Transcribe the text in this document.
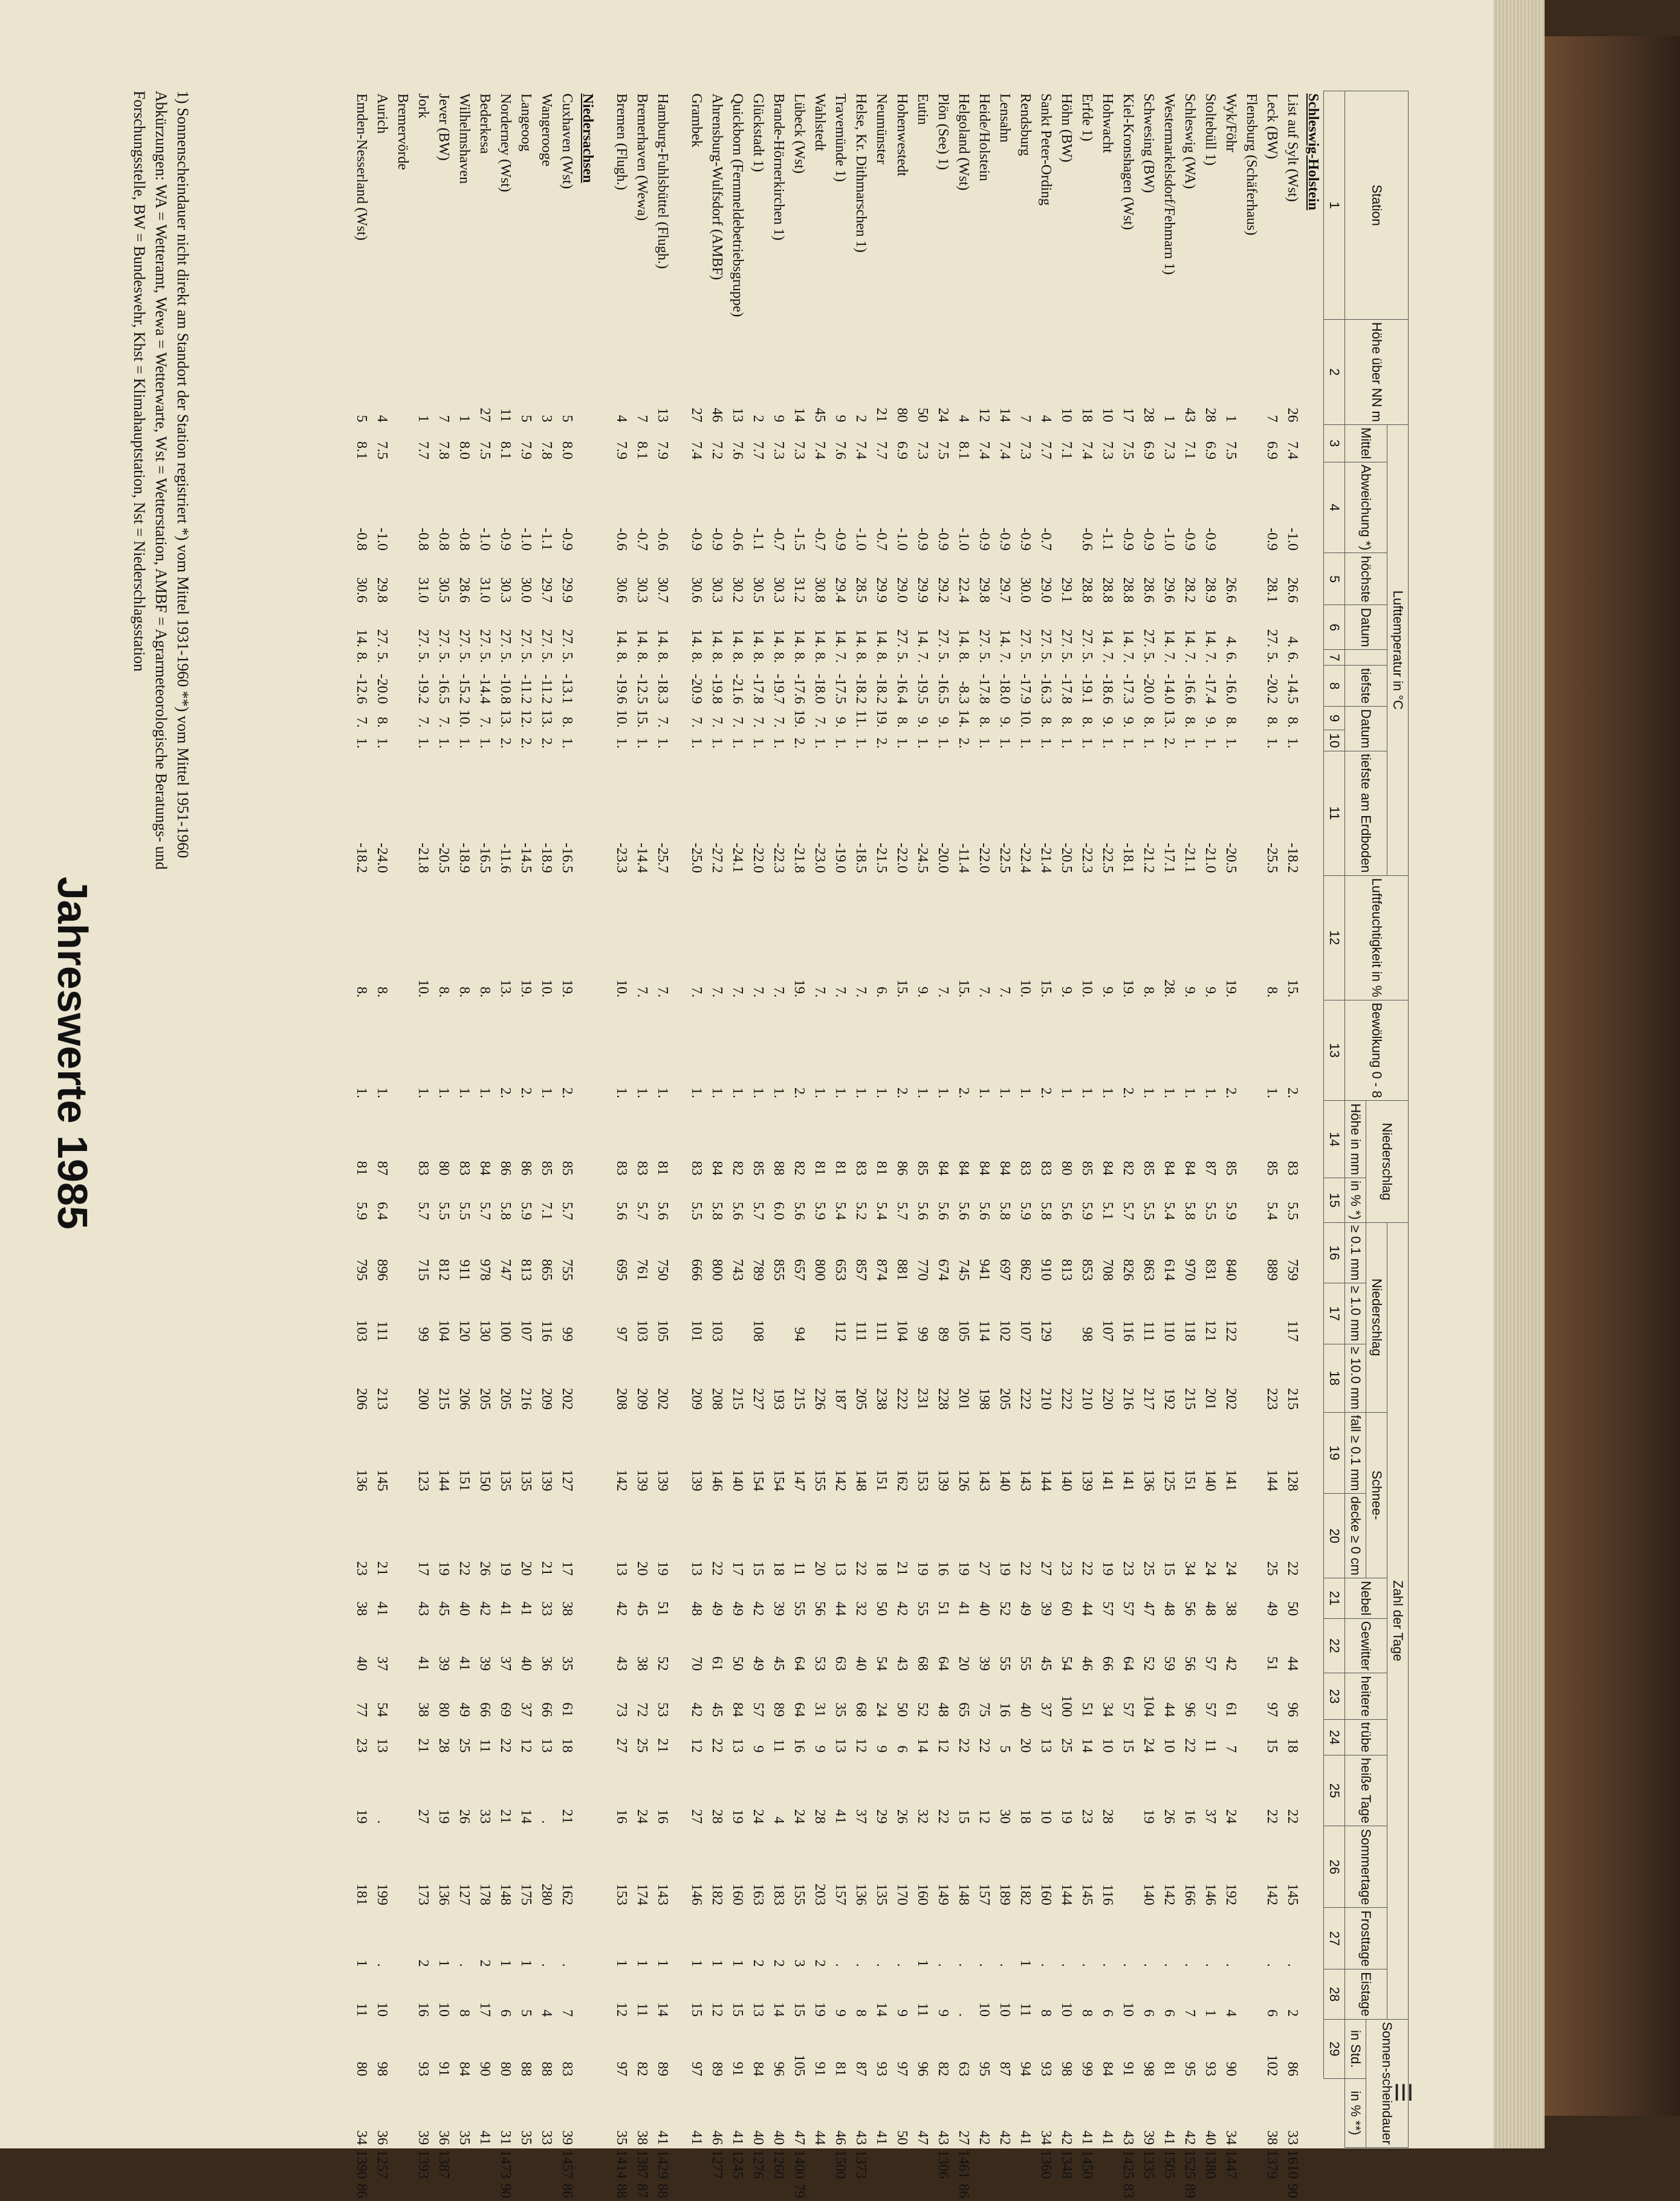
Jahreswerte 1985
Station	Höhe über NN m	Lufttemperatur in °C									Luftfeuchtigkeit in %	Bewölkung 0 - 8	Niederschlag		Zahl der Tage													Sonnen-scheindauer			
		Mittel	Abweichung *)	höchste	Datum		tiefste	Datum		tiefste am Erdboden					Niederschlag			Schnee-		Nebel	Gewitter	heitere	trübe	heiße Tage	Sommertage	Frosttage	Eistage				
													Höhe in mm	in % *)	≥ 0.1 mm	≥ 1.0 mm	≥ 10.0 mm	fall ≥ 0.1 mm	decke ≥ 0 cm									in Std.	in % **)		
1	2	3	4	5	6	7	8	9	10	11	12	13	14	15	16	17	18	19	20	21	22	23	24	25	26	27	28	29			
Schleswig-Holstein																															
List auf Sylt (Wst)	26	7.4	-1.0	26.6	4.	6.	-14.5	8.	1.	-18.2	15.	2.	83	5.5	759	117	215	128	22	50	44	96	18	22	145	.	2	86	33	1610	90
Leck (BW)	7	6.9	-0.9	28.1	27.	5.	-20.2	8.	1.	-25.5	8.	1.	85	5.4	889		223	144	25	49	51	97	15	22	142	.	6	102	38	1379	
Flensburg (Schäferhaus)																															
Wyk/Föhr	1	7.5		26.6	4.	6.	-16.0	8.	1.	-20.5	19.	2.	85	5.9	840	122	202	141	24	38	42	61	7	24	192	.	4	90	34	1447	
Stoltebüll 1)	28	6.9	-0.9	28.9	14.	7.	-17.4	9.	1.	-21.0	9.	1.	87	5.5	831	121	201	140	24	48	57	57	11	37	146	.	1	93	40	1380	
Schleswig (WA)	43	7.1	-0.9	28.2	14.	7.	-16.6	8.	1.	-21.1	9.	1.	84	5.8	970	118	215	151	34	56	56	96	22	16	166	.	7	95	42	1525	89
Westermarkelsdorf/Fehmarn 1)	1	7.3	-1.0	29.6	14.	7.	-14.0	13.	2.	-17.1	28.	1.	84	5.4	614	110	192	125	15	48	59	44	10	26	142	.	6	81	41	1505	
Schwesing (BW)	28	6.9	-0.9	28.6	27.	5.	-20.0	8.	1.	-21.2	8.	1.	85	5.5	863	111	217	136	25	47	52	104	24	19	140	.	6	98	39	1335	
Kiel-Kronshagen (Wst)	17	7.5	-0.9	28.8	14.	7.	-17.3	9.	1.	-18.1	19.	2.	82	5.7	826	116	216	141	23	57	64	57	15			.	10	91	43	1425	83
Hohwacht	10	7.3	-1.1	28.8	14.	7.	-18.6	9.	1.	-22.5	9.	1.	84	5.1	708	107	220	141	19	57	66	34	10	28	116	.	6	84	41		
Erfde 1)	18	7.4	-0.6	28.8	27.	5.	-19.1	8.	1.	-22.3	10.	1.	85	5.9	853	98	210	139	22	44	46	51	14	23	145	.	8	99	41	1450	
Höhn (BW)	10	7.1		29.1	27.	5.	-17.8	8.	1.	-20.5	9.	1.	80	5.6	813		222	140	23	60	54	100	25	19	144	.	10	98	42	1348	
Sankt Peter-Ording	4	7.7	-0.7	29.0	27.	5.	-16.3	8.	1.	-21.4	15.	2.	83	5.8	910	129	210	144	27	39	45	37	13	10	160	.	8	93	34	1360	
Rendsburg	7	7.3	-0.9	30.0	27.	5.	-17.9	10.	1.	-22.4	10.	1.	83	5.9	862	107	222	143	22	49	55	40	20	18	182	1	11	94	41		
Lensahn	14	7.4	-0.9	29.7	14.	7.	-18.0	9.	1.	-22.5	7.	1.	84	5.8	697	102	205	140	19	52	55	16	5	30	189	.	10	87	42		
Heide/Holstein	12	7.4	-0.9	29.8	27.	5.	-17.8	8.	1.	-22.0	7.	1.	84	5.6	941	114	198	143	27	40	39	75	22	12	157	.	10	95	42		
Helgoland (Wst)	4	8.1	-1.0	22.4	14.	8.	-8.3	14.	2.	-11.4	15.	2.	84	5.6	745	105	201	126	19	41	20	65	22	15	148	.	.	63	27	1461	86
Plön (See) 1)	24	7.5	-0.9	29.2	27.	5.	-16.5	9.	1.	-20.0	7.	1.	84	5.6	674	89	228	139	16	51	64	48	12	22	149	.	9	82	43	1306	
Eutin	50	7.3	-0.9	29.9	14.	7.	-19.5	9.	1.	-24.5	9.	1.	85	5.6	770	99	231	153	19	55	68	52	14	32	160	1	11	96	47		
Hohenwestedt	80	6.9	-1.0	29.0	27.	5.	-16.4	8.	1.	-22.0	15.	2.	86	5.7	881	104	222	162	21	42	43	50	6	26	170	.	9	97	50		
Neumünster	21	7.7	-0.7	29.9	14.	8.	-18.2	19.	2.	-21.5	6.	1.	81	5.4	874	111	238	151	18	50	54	24	9	29	135	.	14	93	41		
Helse, Kr. Dithmarschen 1)	2	7.4	-1.0	28.5	14.	8.	-18.2	11.	1.	-18.5	7.	1.	83	5.2	857	111	205	148	22	32	40	68	12	37	136	.	8	87	43	1373	
Travemünde 1)	9	7.6	-0.9	29.4	14.	7.	-17.5	9.	1.	-19.0	7.	1.	81	5.4	653	112	187	142	13	44	63	35	13	41	157	.	9	81	46	1500	
Wahlstedt	45	7.4	-0.7	30.8	14.	8.	-18.0	7.	1.	-23.0	7.	1.	81	5.9	800		226	155	20	56	53	31	9	28	203	2	19	91	44		
Lübeck (Wst)	14	7.3	-1.5	31.2	14.	8.	-17.6	19.	2.	-21.8	19.	2.	82	5.6	657	94	215	147	11	55	64	64	16	24	155	3	15	105	47	1400	79
Brande-Hörnerkirchen 1)	9	7.3	-0.7	30.3	14.	8.	-19.7	7.	1.	-22.3	7.	1.	88	6.0	855		193	154	18	39	45	89	11	4	183	2	14	96	40	1260	
Glückstadt 1)	2	7.7	-1.1	30.5	14.	8.	-17.8	7.	1.	-22.0	7.	1.	85	5.7	789	108	227	154	15	42	49	57	9	24	163	2	13	84	40	1276	
Quickborn (Fernmeldebetriebsgruppe)	13	7.6	-0.6	30.2	14.	8.	-21.6	7.	1.	-24.1	7.	1.	82	5.6	743		215	140	17	49	50	84	13	19	160	1	15	91	41	1245	
Ahrensburg-Wulfsdorf (AMBF)	46	7.2	-0.9	30.3	14.	8.	-19.8	7.	1.	-27.2	7.	1.	84	5.8	800	103	208	146	22	49	61	45	22	28	182	1	12	89	46	1277	
Grambek	27	7.4	-0.9	30.6	14.	8.	-20.9	7.	1.	-25.0	7.	1.	83	5.5	666	101	209	139	13	48	70	42	12	27	146	1	15	97	41		

Hamburg-Fuhlsbüttel (Flugh.)	13	7.9	-0.6	30.7	14.	8.	-18.3	7.	1.	-25.7	7.	1.	81	5.6	750	105	202	139	19	51	52	53	21	16	143	1	14	89	41	1429	88
Bremerhaven (Wewa)	7	8.1	-0.7	30.3	14.	8.	-12.5	15.	1.	-14.4	7.	1.	83	5.7	761	103	209	139	20	45	38	72	25	24	174	1	11	82	38	1387	87
Bremen (Flugh.)	4	7.9	-0.6	30.6	14.	8.	-19.6	10.	1.	-23.3	10.	1.	83	5.6	695	97	208	142	13	42	43	73	27	16	153	1	12	97	35	1414	88

Niedersachsen																															
Cuxhaven (Wst)	5	8.0	-0.9	29.9	27.	5.	-13.1	8.	1.	-16.5	19.	2.	85	5.7	755	99	202	127	17	38	35	61	18	21	162	.	7	83	39	1457	86
Wangerooge	3	7.8	-1.1	29.7	27.	5.	-11.2	13.	2.	-18.9	10.	1.	85	7.1	865	116	209	139	21	33	36	66	13	.	280	.	4	88	33		
Langeoog	5	7.9	-1.0	30.0	27.	5.	-11.2	12.	2.	-14.5	19.	2.	86	5.9	813	107	216	135	20	41	40	37	12	14	175	1	5	88	35		
Norderney (Wst)	11	8.1	-0.9	30.3	27.	5.	-10.8	13.	2.	-11.6	13.	2.	86	5.8	747	100	205	135	19	41	37	69	22	21	148	1	6	80	31	1473	90
Bederkesa	27	7.5	-1.0	31.0	27.	5.	-14.4	7.	1.	-16.5	8.	1.	84	5.7	978	130	205	150	26	42	39	66	11	33	178	2	17	90	41		
Wilhelmshaven	1	8.0	-0.8	28.6	27.	5.	-15.2	10.	1.	-18.9	8.	1.	83	5.5	911	120	206	151	22	40	41	49	25	26	127	.	8	84	35		
Jever (BW)	7	7.8	-0.8	30.5	27.	5.	-16.5	7.	1.	-20.5	8.	1.	80	5.5	812	104	215	144	19	45	39	80	28	19	136	1	10	91	36	1387	
Jork	1	7.7	-0.8	31.0	27.	5.	-19.2	7.	1.	-21.8	10.	1.	83	5.7	715	99	200	123	17	43	41	38	21	27	173	2	16	93	39	1393	
Bremervörde																															
Aurich	4	7.5	-1.0	29.8	27.	5.	-20.0	8.	1.	-24.0	8.	1.	87	6.4	896	111	213	145	21	41	37	54	13	.	199	.	10	98	36	1257	
Emden-Nesserland (Wst)	5	8.1	-0.8	30.6	14.	8.	-12.6	7.	1.	-18.2	8.	1.	81	5.9	795	103	206	136	23	38	40	77	23	19	181	1	11	80	34	1390	86
1) Sonnenscheindauer nicht direkt am Standort der Station registriert *) vom Mittel 1931-1960 **) vom Mittel 1951-1960
Abkürzungen: WA = Wetteramt, Wewa = Wetterwarte, Wst = Wetterstation, AMBF = Agrarmeteorologische Beratungs- und
Forschungsstelle, BW = Bundeswehr, Khst = Klimahauptstation, Nst = Niederschlagsstation
III
